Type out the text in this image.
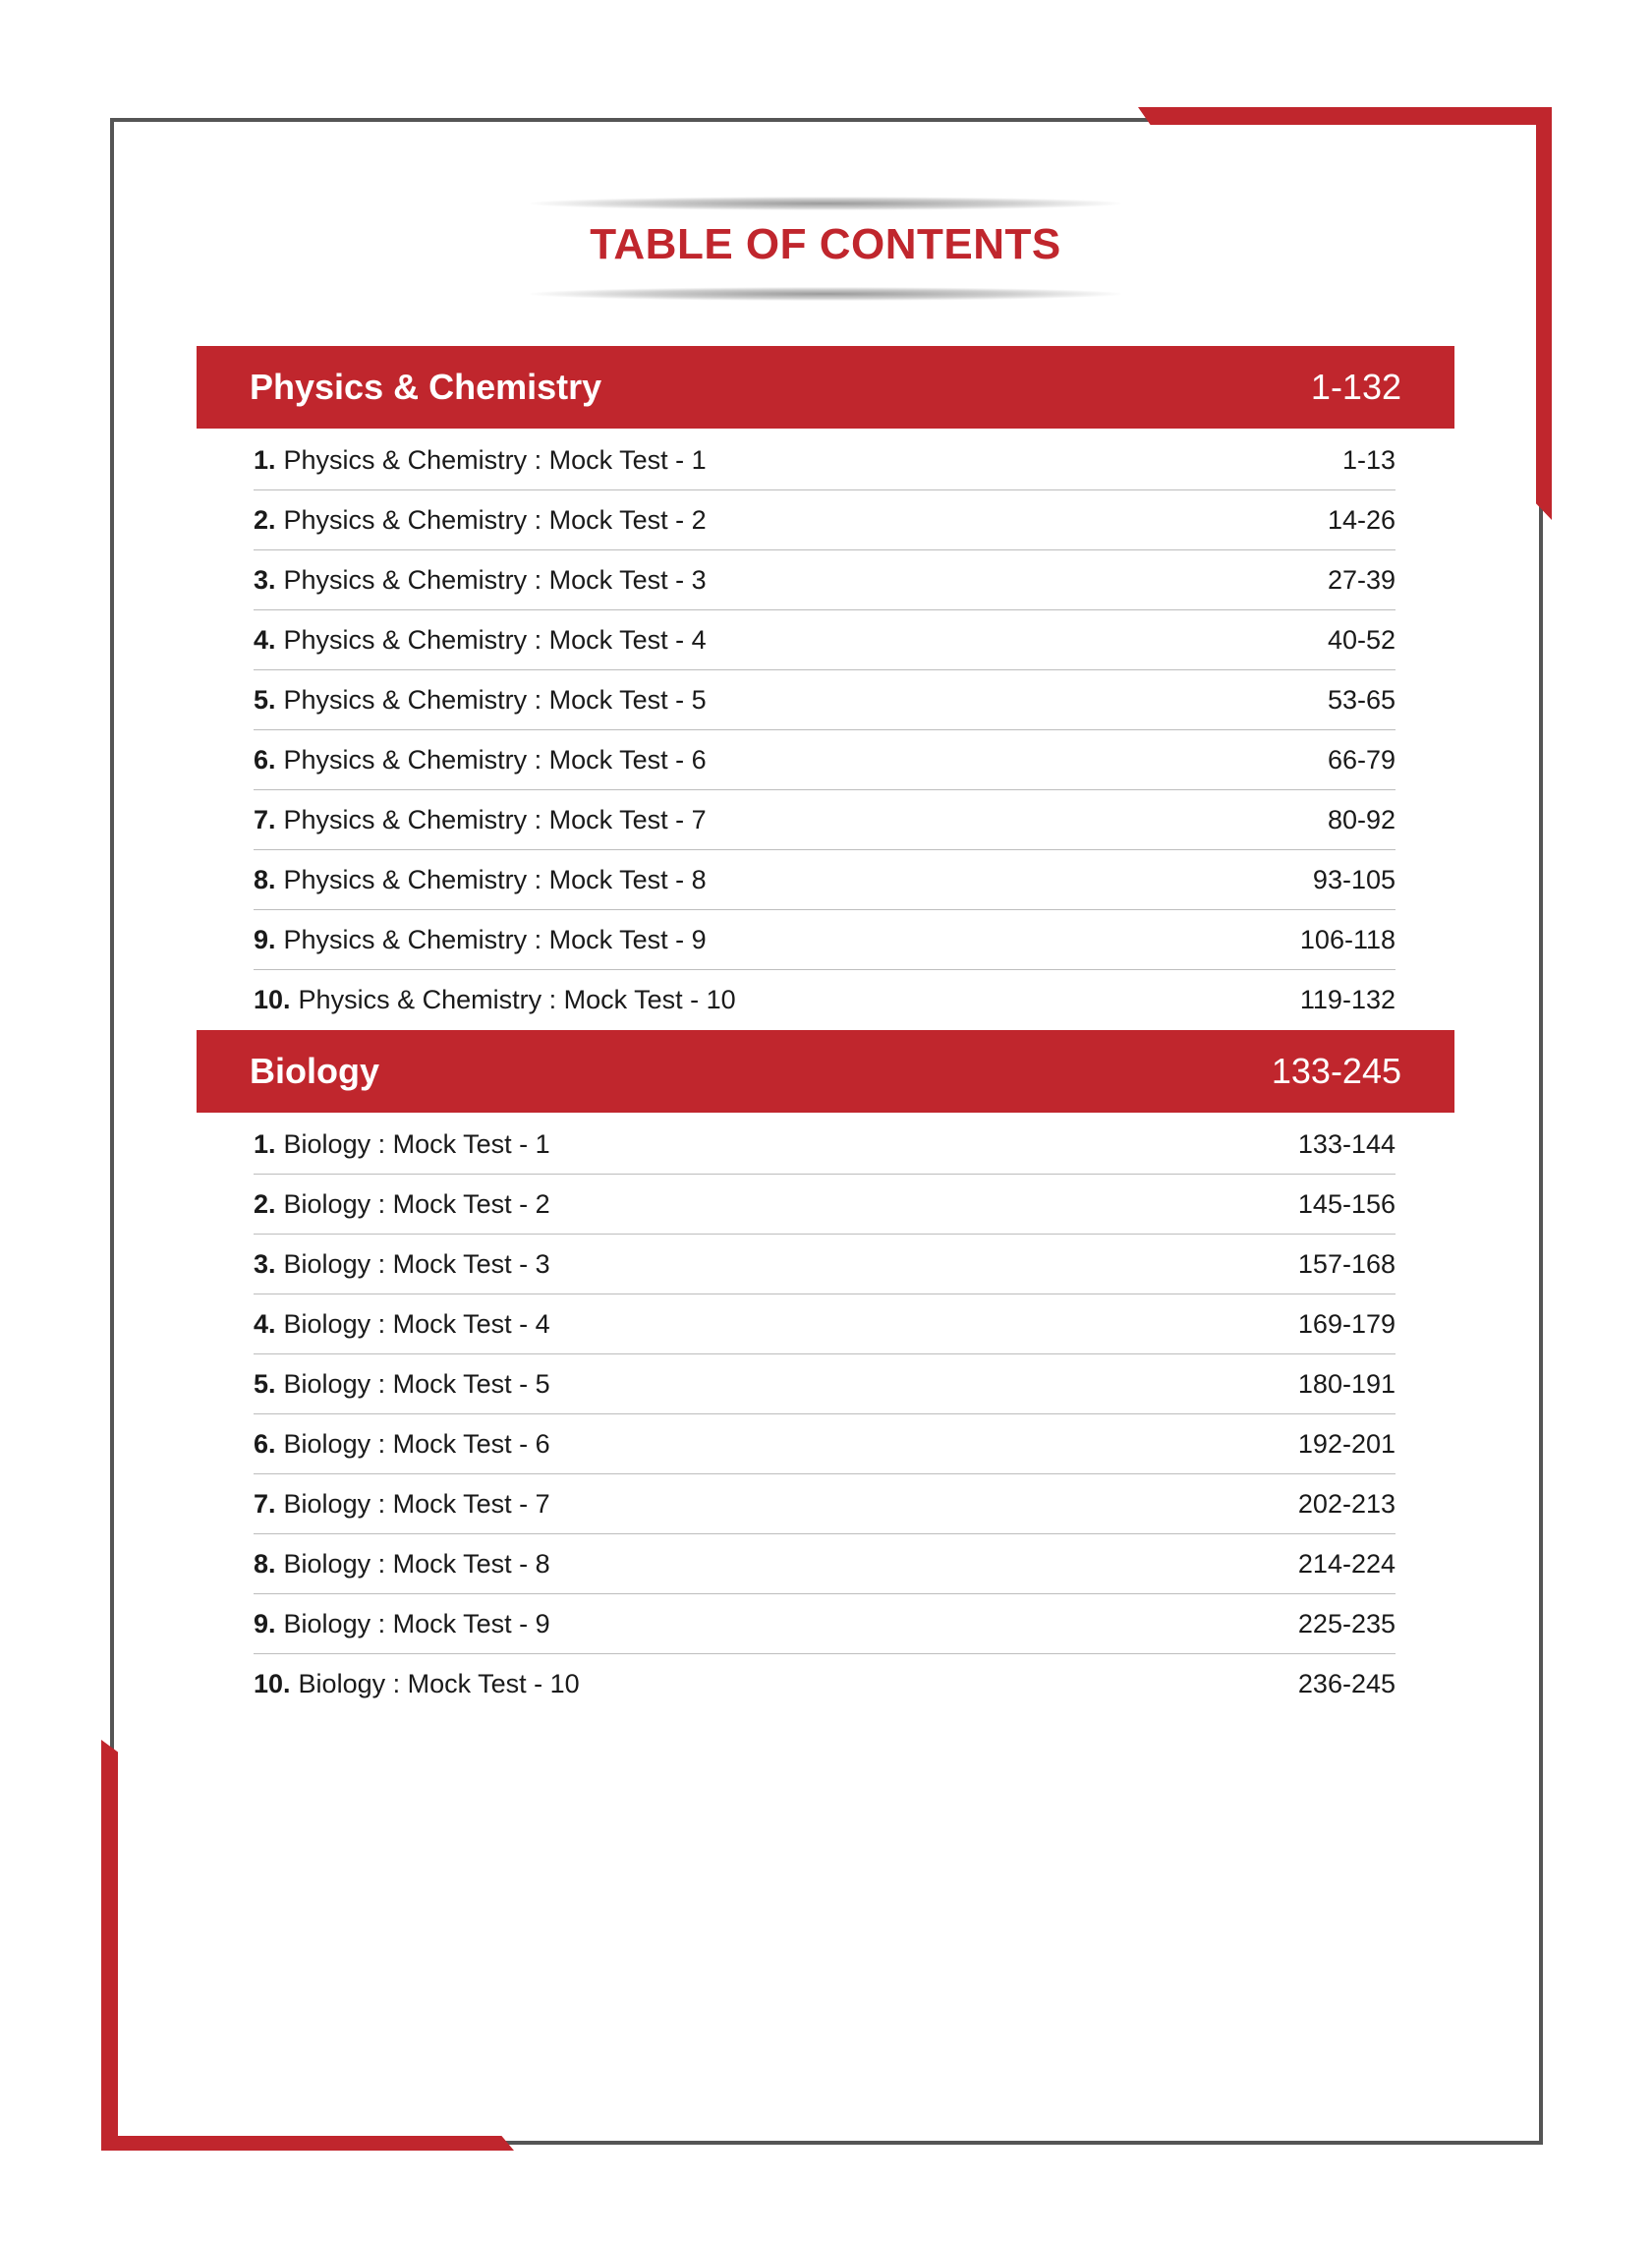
TABLE OF CONTENTS
Physics & Chemistry	1-132
1. Physics & Chemistry : Mock Test - 1	1-13
2. Physics & Chemistry : Mock Test - 2	14-26
3. Physics & Chemistry : Mock Test - 3	27-39
4. Physics & Chemistry : Mock Test - 4	40-52
5. Physics & Chemistry : Mock Test - 5	53-65
6. Physics & Chemistry : Mock Test - 6	66-79
7. Physics & Chemistry : Mock Test - 7	80-92
8. Physics & Chemistry : Mock Test - 8	93-105
9. Physics & Chemistry : Mock Test - 9	106-118
10. Physics & Chemistry : Mock Test - 10	119-132
Biology	133-245
1. Biology : Mock Test - 1	133-144
2. Biology : Mock Test - 2	145-156
3. Biology : Mock Test - 3	157-168
4. Biology : Mock Test - 4	169-179
5. Biology : Mock Test - 5	180-191
6. Biology : Mock Test - 6	192-201
7. Biology : Mock Test - 7	202-213
8. Biology : Mock Test - 8	214-224
9. Biology : Mock Test - 9	225-235
10. Biology : Mock Test - 10	236-245
